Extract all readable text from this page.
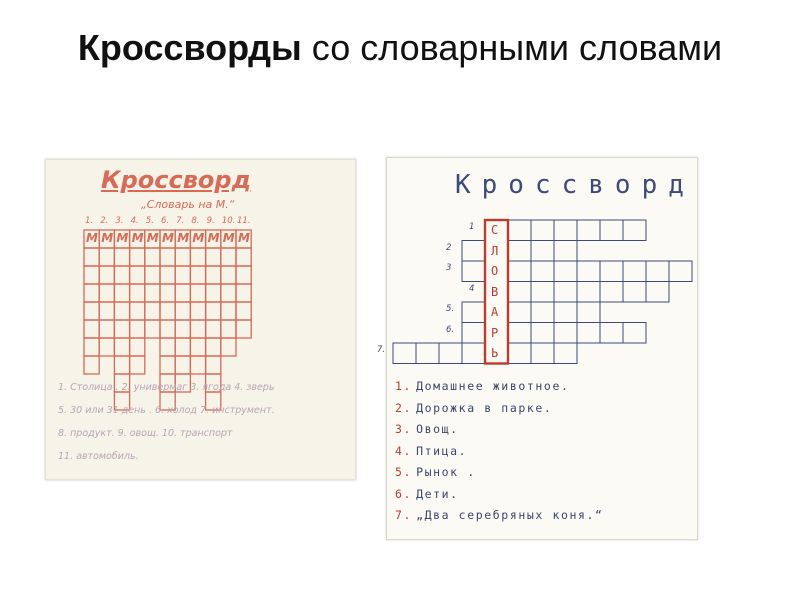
Кроссворды со словарными словами
Кроссворд
„Словарь на М.“
1. 2. 3. 4. 5. 6. 7. 8. 9. 10. 11.
М М М М М М М М М М М
1. Столица . 2. универмаг 3. ягода 4. зверь
5. 30 или 31 день . 6. холод 7. инструмент.
8. продукт. 9. овощ. 10. транспорт
11. автомобиль.
Кроссворд
С
Л
О
В
А
Р
Ь
1
2
3
4
5.
6.
7.
1. Домашнее животное.
2. Дорожка в парке.
3. Овощ.
4. Птица.
5. Рынок .
6. Дети.
7. „Два серебряных коня.“
